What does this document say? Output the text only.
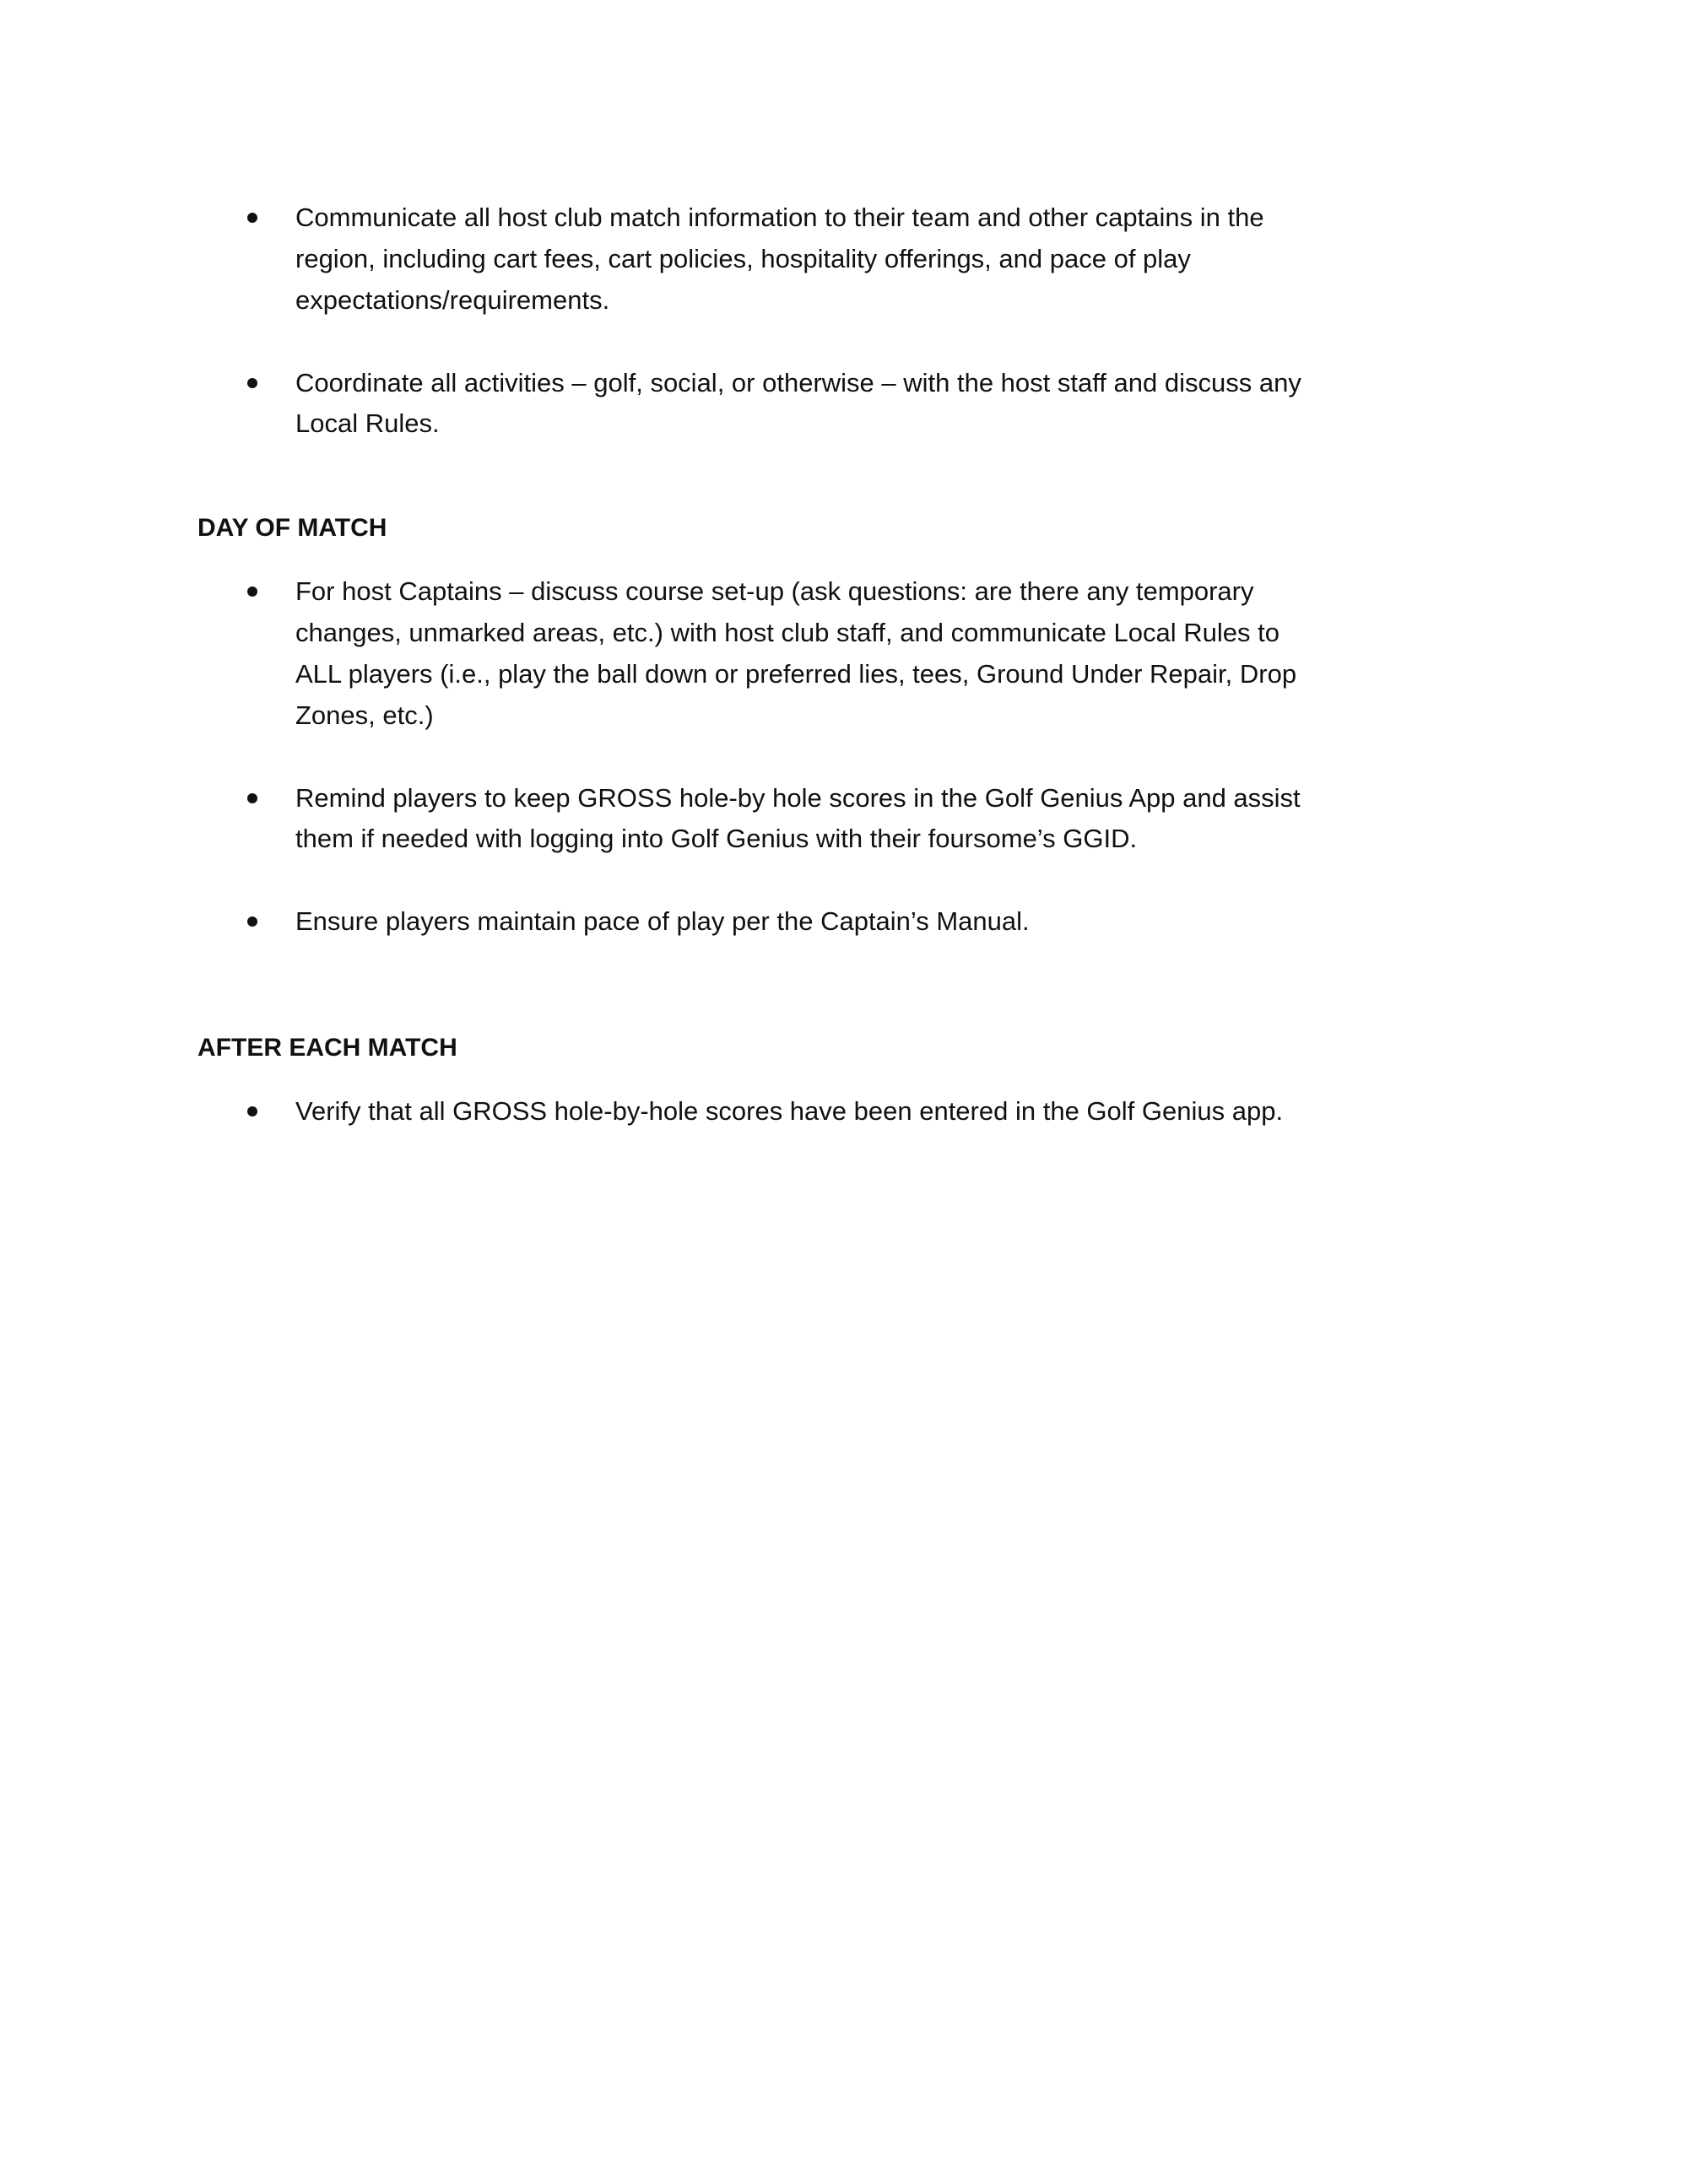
Communicate all host club match information to their team and other captains in the
region, including cart fees, cart policies, hospitality offerings, and pace of play
expectations/requirements.
Coordinate all activities – golf, social, or otherwise – with the host staff and discuss any
Local Rules.
DAY OF MATCH
For host Captains – discuss course set-up (ask questions: are there any temporary
changes, unmarked areas, etc.) with host club staff, and communicate Local Rules to
ALL players (i.e., play the ball down or preferred lies, tees, Ground Under Repair, Drop
Zones, etc.)
Remind players to keep GROSS hole-by hole scores in the Golf Genius App and assist
them if needed with logging into Golf Genius with their foursome’s GGID.
Ensure players maintain pace of play per the Captain’s Manual.
AFTER EACH MATCH
Verify that all GROSS hole-by-hole scores have been entered in the Golf Genius app.
